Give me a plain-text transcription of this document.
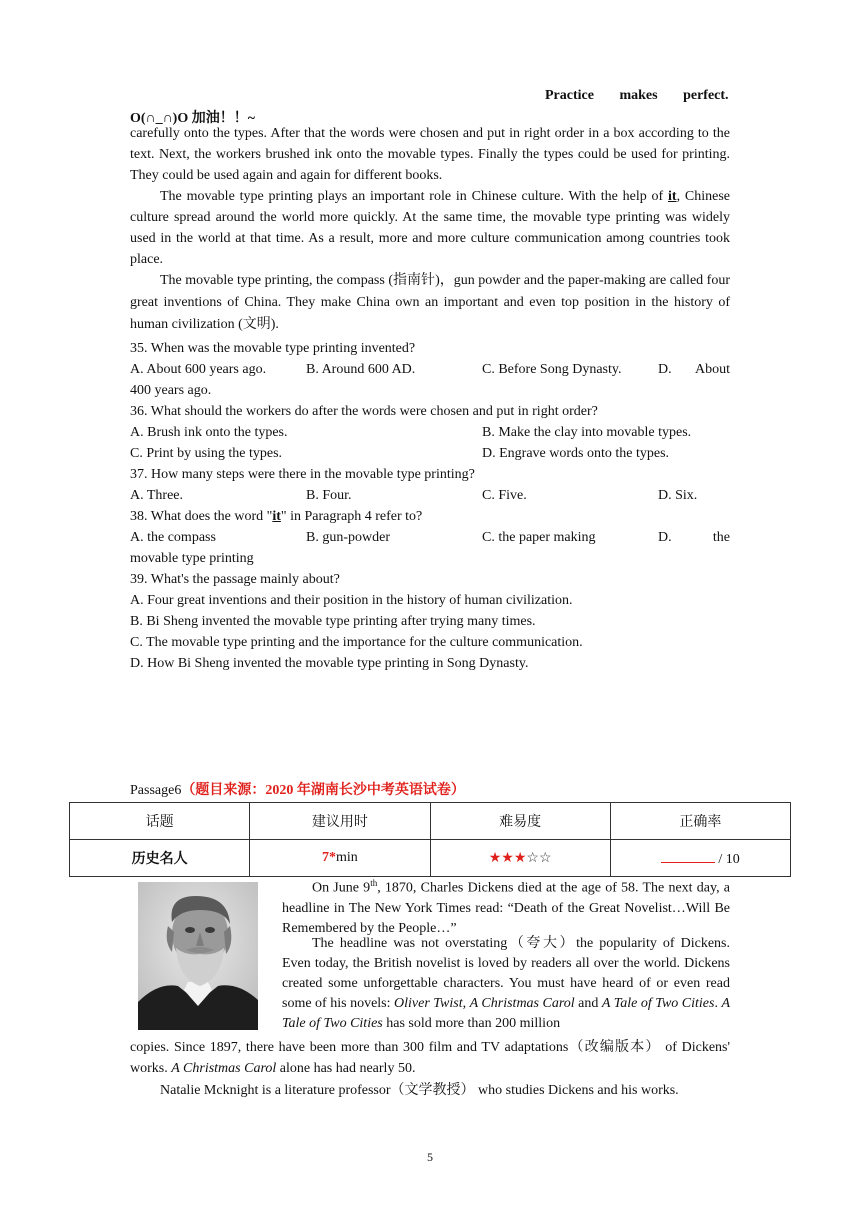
Practice makes perfect.
O(∩_∩)O 加油！！~

carefully onto the types. After that the words were chosen and put in right order in a box according to the text. Next, the workers brushed ink onto the movable types. Finally the types could be used for printing. They could be used again and again for different books.

The movable type printing plays an important role in Chinese culture. With the help of it, Chinese culture spread around the world more quickly. At the same time, the movable type printing was widely used in the world at that time. As a result, more and more culture communication among countries took place.

The movable type printing, the compass (指南针)，gun powder and the paper-making are called four great inventions of China. They make China own an important and even top position in the history of human civilization (文明).

35. When was the movable type printing invented?

A. About 600 years ago.	B. Around 600 AD.	C. Before Song Dynasty.	D. About

400 years ago.

36. What should the workers do after the words were chosen and put in right order?

A. Brush ink onto the types.	B. Make the clay into movable types.
C. Print by using the types.	D. Engrave words onto the types.

37. How many steps were there in the movable type printing?

A. Three.	B. Four.	C. Five.	D. Six.

38. What does the word "it" in Paragraph 4 refer to?

A. the compass	B. gun-powder	C. the paper making	D.	the

movable type printing

39. What's the passage mainly about?

A. Four great inventions and their position in the history of human civilization.

B. Bi Sheng invented the movable type printing after trying many times.

C. The movable type printing and the importance for the culture communication.

D. How Bi Sheng invented the movable type printing in Song Dynasty.

Passage6（题目来源：2020 年湖南长沙中考英语试卷）
话题	建议用时	难易度	正确率
历史名人	7*min	★★★☆☆	/ 10

On June 9th, 1870, Charles Dickens died at the age of 58. The next day, a headline in The New York Times read: “Death of the Great Novelist…Will Be Remembered by the People…”

The headline was not overstating（夸大）the popularity of Dickens. Even today, the British novelist is loved by readers all over the world. Dickens created some unforgettable characters. You must have heard of or even read some of his novels: Oliver Twist, A Christmas Carol and A Tale of Two Cities. A Tale of Two Cities has sold more than 200 million

copies. Since 1897, there have been more than 300 film and TV adaptations（改编版本） of Dickens' works. A Christmas Carol alone has had nearly 50.

Natalie Mcknight is a literature professor（文学教授） who studies Dickens and his works.

5
